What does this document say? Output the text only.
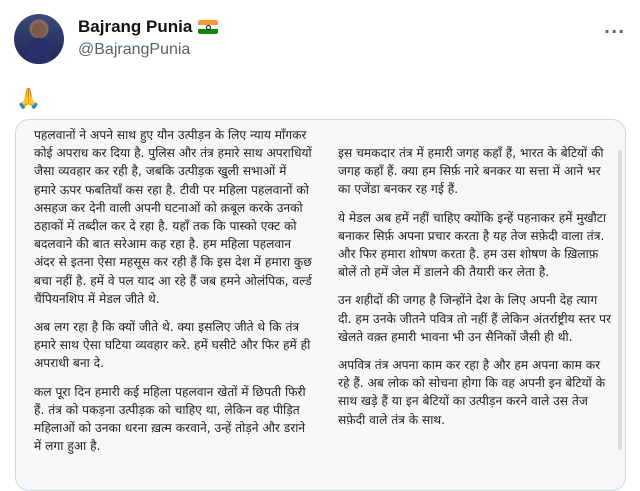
Bajrang Punia
@BajrangPunia
···
🙏

पहलवानों ने अपने साथ हुए यौन उत्पीड़न के लिए न्याय माँगकर कोई अपराध कर दिया है. पुलिस और तंत्र हमारे साथ अपराधियों जैसा व्यवहार कर रही है, जबकि उत्पीड़क खुली सभाओं में हमारे ऊपर फबतियाँ कस रहा है. टीवी पर महिला पहलवानों को असहज कर देनी वाली अपनी घटनाओं को क़बूल करके उनको ठहाकों में तब्दील कर दे रहा है. यहाँ तक कि पास्को एक्ट को बदलवाने की बात सरेआम कह रहा है. हम महिला पहलवान अंदर से इतना ऐसा महसूस कर रही हैं कि इस देश में हमारा कुछ बचा नहीं है. हमें वे पल याद आ रहे हैं जब हमने ओलंपिक, वर्ल्ड चैंपियनशिप में मेडल जीते थे.

अब लग रहा है कि क्यों जीते थे. क्या इसलिए जीते थे कि तंत्र हमारे साथ ऐसा घटिया व्यवहार करे. हमें घसीटे और फिर हमें ही अपराधी बना दे.

कल पूरा दिन हमारी कई महिला पहलवान खेतों में छिपती फिरी हैं. तंत्र को पकड़ना उत्पीड़क को चाहिए था, लेकिन वह पीड़ित महिलाओं को उनका धरना ख़त्म करवाने, उन्हें तोड़ने और डराने में लगा हुआ है.

इस चमकदार तंत्र में हमारी जगह कहाँ हैं, भारत के बेटियों की जगह कहाँ हैं. क्या हम सिर्फ़ नारे बनकर या सत्ता में आने भर का एजेंडा बनकर रह गई हैं.

ये मेडल अब हमें नहीं चाहिए क्योंकि इन्हें पहनाकर हमें मुखौटा बनाकर सिर्फ़ अपना प्रचार करता है यह तेज सफ़ेदी वाला तंत्र. और फिर हमारा शोषण करता है. हम उस शोषण के ख़िलाफ़ बोलें तो हमें जेल में डालने की तैयारी कर लेता है.

उन शहीदों की जगह है जिन्होंने देश के लिए अपनी देह त्याग दी. हम उनके जीतने पवित्र तो नहीं हैं लेकिन अंतर्राष्ट्रीय स्तर पर खेलते वक़्त हमारी भावना भी उन सैनिकों जैसी ही थी.

अपवित्र तंत्र अपना काम कर रहा है और हम अपना काम कर रहे हैं. अब लोक को सोचना होगा कि वह अपनी इन बेटियों के साथ खड़े हैं या इन बेटियों का उत्पीड़न करने वाले उस तेज सफ़ेदी वाले तंत्र के साथ.
